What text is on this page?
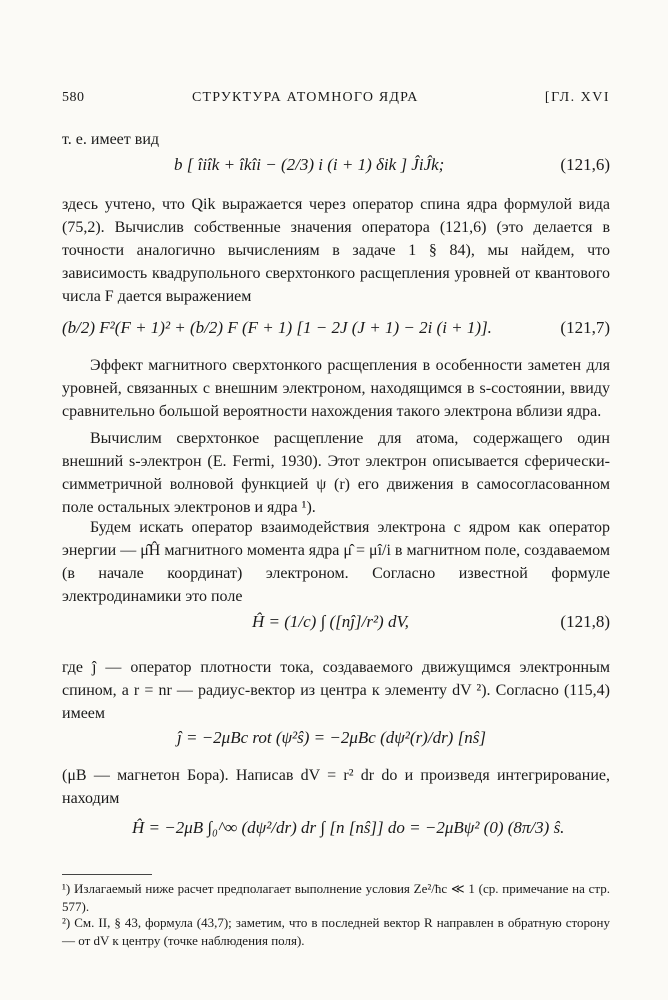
580	СТРУКТУРА АТОМНОГО ЯДРА	[ГЛ. XVI
т. е. имеет вид
b [ îiîk + îkîi − (2/3) i (i + 1) δik ] ĴiĴk;	(121,6)
здесь учтено, что Qik выражается через оператор спина ядра формулой вида (75,2). Вычислив собственные значения оператора (121,6) (это делается в точности аналогично вычислениям в задаче 1 § 84), мы найдем, что зависимость квадрупольного сверхтонкого расщепления уровней от квантового числа F дается выражением
(b/2) F²(F + 1)² + (b/2) F (F + 1) [1 − 2J (J + 1) − 2i (i + 1)].	(121,7)
Эффект магнитного сверхтонкого расщепления в особенности заметен для уровней, связанных с внешним электроном, находящимся в s-состоянии, ввиду сравнительно большой вероятности нахождения такого электрона вблизи ядра.
Вычислим сверхтонкое расщепление для атома, содержащего один внешний s-электрон (E. Fermi, 1930). Этот электрон описывается сферически-симметричной волновой функцией ψ (r) его движения в самосогласованном поле остальных электронов и ядра ¹).
Будем искать оператор взаимодействия электрона с ядром как оператор энергии — μ̂Ĥ магнитного момента ядра μ̂ = μî/i в магнитном поле, создаваемом (в начале координат) электроном. Согласно известной формуле электродинамики это поле
Ĥ = (1/c) ∫ ([nĵ]/r²) dV,	(121,8)
где ĵ — оператор плотности тока, создаваемого движущимся электронным спином, а r = nr — радиус-вектор из центра к элементу dV ²). Согласно (115,4) имеем
ĵ = −2μBc rot (ψ²ŝ) = −2μBc (dψ²(r)/dr) [nŝ]
(μB — магнетон Бора). Написав dV = r² dr do и произведя интегрирование, находим
Ĥ = −2μB ∫₀^∞ (dψ²/dr) dr ∫ [n [nŝ]] do = −2μBψ² (0) (8π/3) ŝ.
¹) Излагаемый ниже расчет предполагает выполнение условия Ze²/ħc ≪ 1 (ср. примечание на стр. 577).
²) См. II, § 43, формула (43,7); заметим, что в последней вектор R направлен в обратную сторону — от dV к центру (точке наблюдения поля).
